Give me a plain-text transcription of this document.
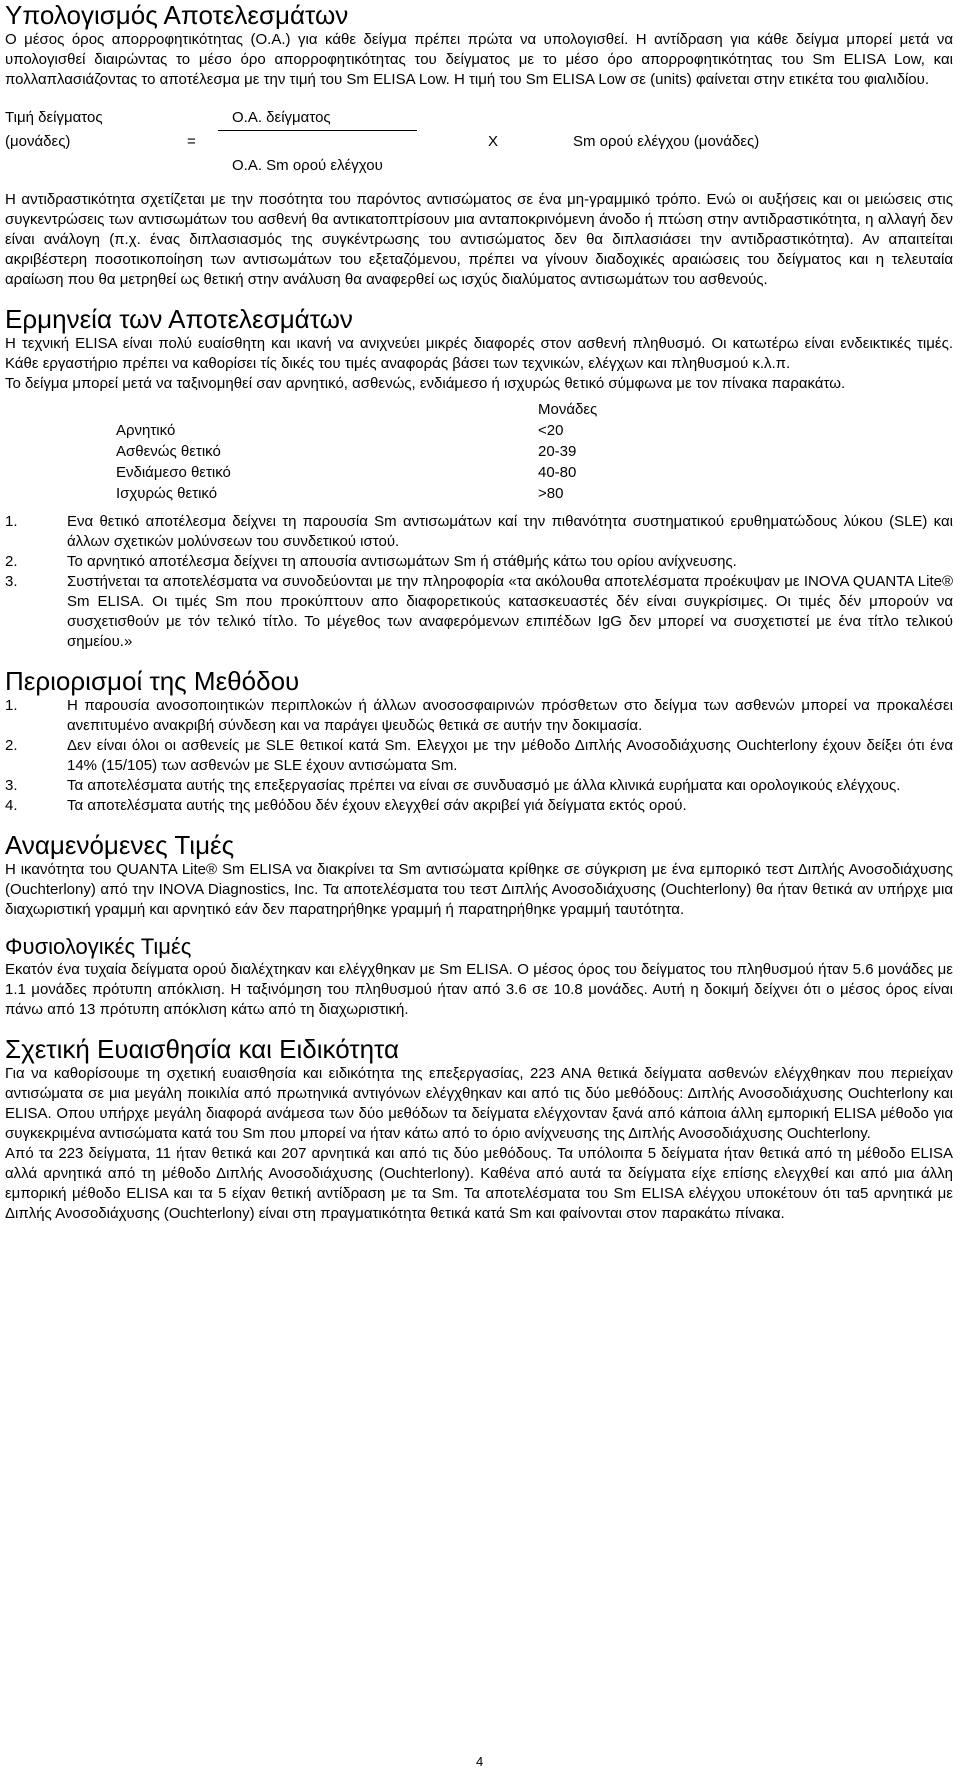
Υπολογισμός Αποτελεσμάτων

Ο μέσος όρος απορροφητικότητας (Ο.Α.) για κάθε δείγμα πρέπει πρώτα να υπολογισθεί. Η αντίδραση για κάθε δείγμα μπορεί μετά να υπολογισθεί διαιρώντας το μέσο όρο απορροφητικότητας του δείγματος με το μέσο όρο απορροφητικότητας του Sm ELISA Low, και πολλαπλασιάζοντας το αποτέλεσμα με την τιμή του Sm ELISA Low. Η τιμή του Sm ELISA Low σε (units) φαίνεται στην ετικέτα του φιαλιδίου.

Τιμή δείγματος	Ο.Α. δείγματος
(μονάδες)	=	Χ	Sm ορού ελέγχου (μονάδες)
Ο.Α. Sm ορού ελέγχου

Η αντιδραστικότητα σχετίζεται με την ποσότητα του παρόντος αντισώματος σε ένα μη-γραμμικό τρόπο. Ενώ οι αυξήσεις και οι μειώσεις στις συγκεντρώσεις των αντισωμάτων του ασθενή θα αντικατοπτρίσουν μια ανταποκρινόμενη άνοδο ή πτώση στην αντιδραστικότητα, η αλλαγή δεν είναι ανάλογη (π.χ. ένας διπλασιασμός της συγκέντρωσης του αντισώματος δεν θα διπλασιάσει την αντιδραστικότητα). Αν απαιτείται ακριβέστερη ποσοτικοποίηση των αντισωμάτων του εξεταζόμενου, πρέπει να γίνουν διαδοχικές αραιώσεις του δείγματος και η τελευταία αραίωση που θα μετρηθεί ως θετική στην ανάλυση θα αναφερθεί ως ισχύς διαλύματος αντισωμάτων του ασθενούς.

Ερμηνεία των Αποτελεσμάτων

Η τεχνική ELISA είναι πολύ ευαίσθητη και ικανή να ανιχνεύει μικρές διαφορές στον ασθενή πληθυσμό. Οι κατωτέρω είναι ενδεικτικές τιμές. Κάθε εργαστήριο πρέπει να καθορίσει τίς δικές του τιμές αναφοράς βάσει των τεχνικών, ελέγχων και πληθυσμού κ.λ.π.

Το δείγμα μπορεί μετά να ταξινομηθεί σαν αρνητικό, ασθενώς, ενδιάμεσο ή ισχυρώς θετικό σύμφωνα με τον πίνακα παρακάτω.

Μονάδες
Αρνητικό	<20
Ασθενώς θετικό	20-39
Ενδιάμεσο θετικό	40-80
Ισχυρώς θετικό	>80
1.	Ενα θετικό αποτέλεσμα δείχνει τη παρουσία Sm αντισωμάτων καί την πιθανότητα συστηματικού ερυθηματώδους λύκου (SLE) και άλλων σχετικών μολύνσεων του συνδετικού ιστού.
2.	Το αρνητικό αποτέλεσμα δείχνει τη απουσία αντισωμάτων Sm ή στάθμής κάτω του ορίου ανίχνευσης.
3.	Συστήνεται τα αποτελέσματα να συνοδεύονται με την πληροφορία «τα ακόλουθα αποτελέσματα προέκυψαν με INOVA QUANTA Lite® Sm ELISA. Οι τιμές Sm που προκύπτουν απο διαφορετικούς κατασκευαστές δέν είναι συγκρίσιμες. Οι τιμές δέν μπορούν να συσχετισθούν με τόν τελικό τίτλο. Το μέγεθος των αναφερόμενων επιπέδων IgG δεν μπορεί να συσχετιστεί με ένα τίτλο τελικού σημείου.»
Περιορισμοί της Μεθόδου
1.	Η παρουσία ανοσοποιητικών περιπλοκών ή άλλων ανοσοσφαιρινών πρόσθετων στο δείγμα των ασθενών μπορεί να προκαλέσει ανεπιτυμένο ανακριβή σύνδεση και να παράγει ψευδώς θετικά σε αυτήν την δοκιμασία.
2.	Δεν είναι όλοι οι ασθενείς με SLE θετικοί κατά Sm. Ελεγχοι με την μέθοδο Διπλής Ανοσοδιάχυσης Ouchterlony έχουν δείξει ότι ένα 14% (15/105) των ασθενών με SLE έχουν αντισώματα Sm.
3.	Τα αποτελέσματα αυτής της επεξεργασίας πρέπει να είναι σε συνδυασμό με άλλα κλινικά ευρήματα και ορολογικούς ελέγχους.
4.	Τα αποτελέσματα αυτής της μεθόδου δέν έχουν ελεγχθεί σάν ακριβεί γιά δείγματα εκτός ορού.
Αναμενόμενες Τιμές

Η ικανότητα του QUANTA Lite® Sm ELISA να διακρίνει τα Sm αντισώματα κρίθηκε σε σύγκριση με ένα εμπορικό τεστ Διπλής Ανοσοδιάχυσης (Ouchterlony) από την INOVA Diagnostics, Inc. Τα αποτελέσματα του τεστ Διπλής Ανοσοδιάχυσης (Ouchterlony) θα ήταν θετικά αν υπήρχε μια διαχωριστική γραμμή και αρνητικό εάν δεν παρατηρήθηκε γραμμή ή παρατηρήθηκε γραμμή ταυτότητα.

Φυσιολογικές Τιμές

Εκατόν ένα τυχαία δείγματα ορού διαλέχτηκαν και ελέγχθηκαν με Sm ELISA. Ο μέσος όρος του δείγματος του πληθυσμού ήταν 5.6 μονάδες με 1.1 μονάδες πρότυπη απόκλιση. Η ταξινόμηση του πληθυσμού ήταν από 3.6 σε 10.8 μονάδες. Αυτή η δοκιμή δείχνει ότι ο μέσος όρος είναι πάνω από 13 πρότυπη απόκλιση κάτω από τη διαχωριστική.

Σχετική Ευαισθησία και Ειδικότητα

Για να καθορίσουμε τη σχετική ευαισθησία και ειδικότητα της επεξεργασίας, 223 ΑΝΑ θετικά δείγματα ασθενών ελέγχθηκαν που περιείχαν αντισώματα σε μια μεγάλη ποικιλία από πρωτηνικά αντιγόνων ελέγχθηκαν και από τις δύο μεθόδους: Διπλής Ανοσοδιάχυσης Ouchterlony και ELISA. Οπου υπήρχε μεγάλη διαφορά ανάμεσα των δύο μεθόδων τα δείγματα ελέγχονταν ξανά από κάποια άλλη εμπορική ELISA μέθοδο για συγκεκριμένα αντισώματα κατά του Sm που μπορεί να ήταν κάτω από το όριο ανίχνευσης της Διπλής Ανοσοδιάχυσης Ouchterlony.

Από τα 223 δείγματα, 11 ήταν θετικά και 207 αρνητικά και από τις δύο μεθόδους. Τα υπόλοιπα 5 δείγματα ήταν θετικά από τη μέθοδο ELISA αλλά αρνητικά από τη μέθοδο Διπλής Ανοσοδιάχυσης (Ouchterlony). Καθένα από αυτά τα δείγματα είχε επίσης ελεγχθεί και από μια άλλη εμπορική μέθοδο ELISA και τα 5 είχαν θετική αντίδραση με τα Sm. Τα αποτελέσματα του Sm ELISA ελέγχου υποκέτουν ότι τα5 αρνητικά με Διπλής Ανοσοδιάχυσης (Ouchterlony) είναι στη πραγματικότητα θετικά κατά Sm και φαίνονται στον παρακάτω πίνακα.

4
